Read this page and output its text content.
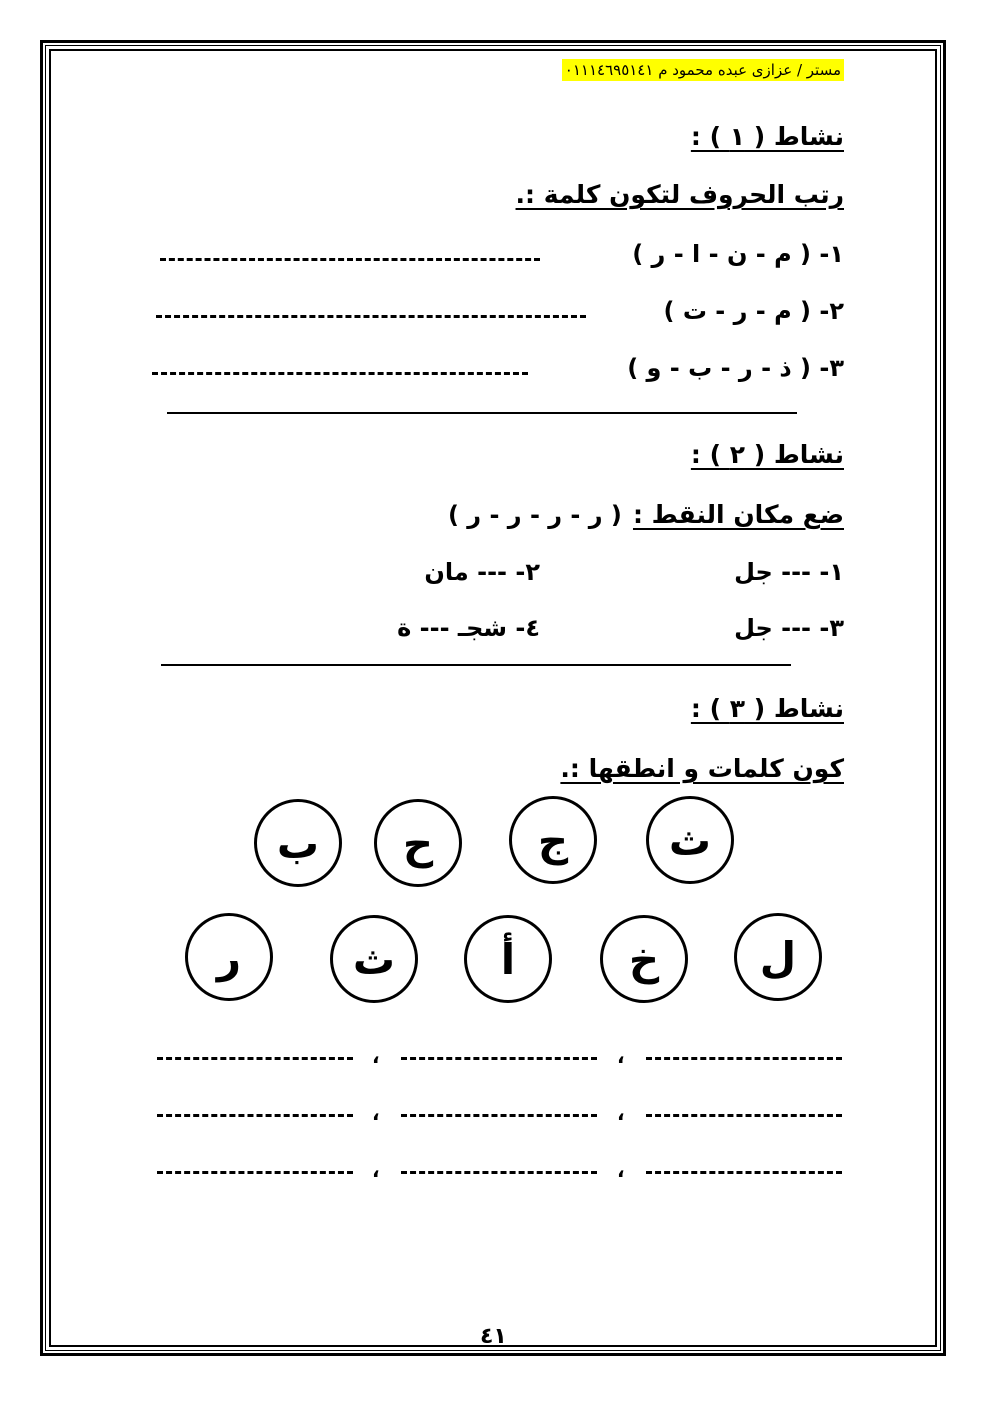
مستر / عزازى عبده محمود م ٠١١١٤٦٩٥١٤١
نشاط ( ١ ) :
رتب الحروف لتكون كلمة :.
١- ( م - ن - ا - ر )
٢- ( م - ر - ت )
٣- ( ذ - ر - ب - و )
نشاط ( ٢ ) :
ضع مكان النقط : ( ر - ر - ر - ر )
١- --- جل
٢- --- مان
٣- --- جل
٤- شجـ --- ة
نشاط ( ٣ ) :
كون كلمات و انطقها :.
ث
ج
ح
ب
ل
خ
أ
ث
ر
،
،
،
،
،
،
٤١
